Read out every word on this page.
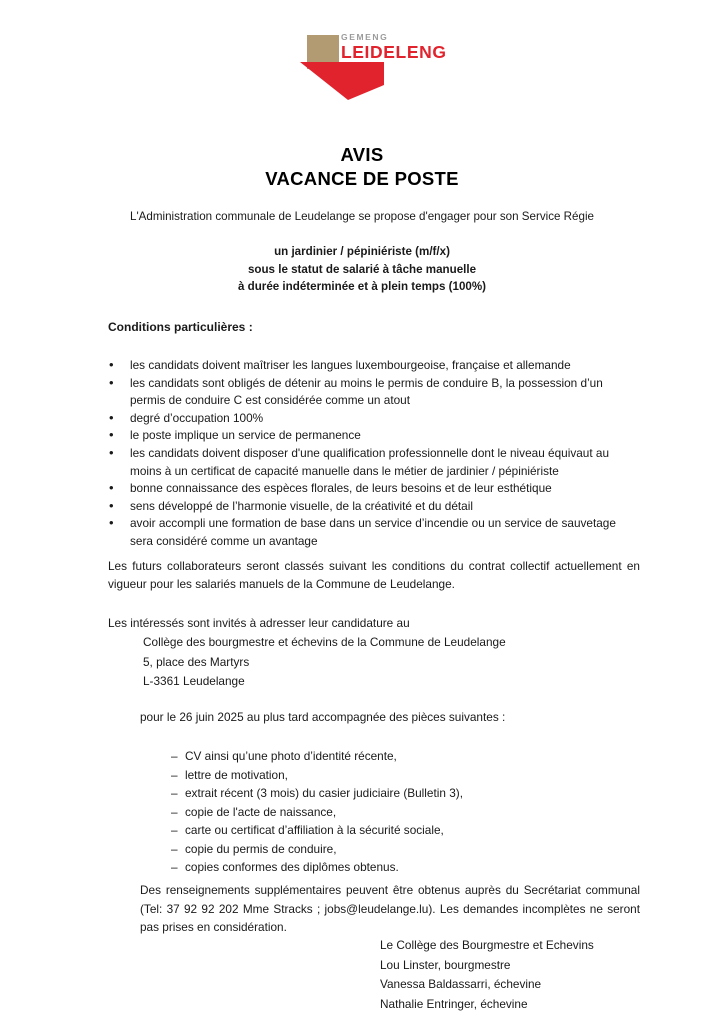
GEMENG
LEIDELENG
AVIS
VACANCE DE POSTE
L'Administration communale de Leudelange se propose d'engager pour son Service Régie
un jardinier / pépiniériste (m/f/x)
sous le statut de salarié à tâche manuelle
à durée indéterminée et à plein temps (100%)
Conditions particulières :
• les candidats doivent maîtriser les langues luxembourgeoise, française et allemande
• les candidats sont obligés de détenir au moins le permis de conduire B, la possession d’un permis de conduire C est considérée comme un atout
• degré d’occupation 100%
• le poste implique un service de permanence
• les candidats doivent disposer d'une qualification professionnelle dont le niveau équivaut au moins à un certificat de capacité manuelle dans le métier de jardinier / pépiniériste
• bonne connaissance des espèces florales, de leurs besoins et de leur esthétique
• sens développé de l’harmonie visuelle, de la créativité et du détail
• avoir accompli une formation de base dans un service d’incendie ou un service de sauvetage sera considéré comme un avantage
Les futurs collaborateurs seront classés suivant les conditions du contrat collectif actuellement en vigueur pour les salariés manuels de la Commune de Leudelange.
Les intéressés sont invités à adresser leur candidature au
Collège des bourgmestre et échevins de la Commune de Leudelange
5, place des Martyrs
L-3361 Leudelange
pour le 26 juin 2025 au plus tard accompagnée des pièces suivantes :
– CV ainsi qu’une photo d’identité récente,
– lettre de motivation,
– extrait récent (3 mois) du casier judiciaire (Bulletin 3),
– copie de l'acte de naissance,
– carte ou certificat d’affiliation à la sécurité sociale,
– copie du permis de conduire,
– copies conformes des diplômes obtenus.
Des renseignements supplémentaires peuvent être obtenus auprès du Secrétariat communal (Tel: 37 92 92 202 Mme Stracks ; jobs@leudelange.lu). Les demandes incomplètes ne seront pas prises en considération.
Le Collège des Bourgmestre et Echevins
Lou Linster, bourgmestre
Vanessa Baldassarri, échevine
Nathalie Entringer, échevine
